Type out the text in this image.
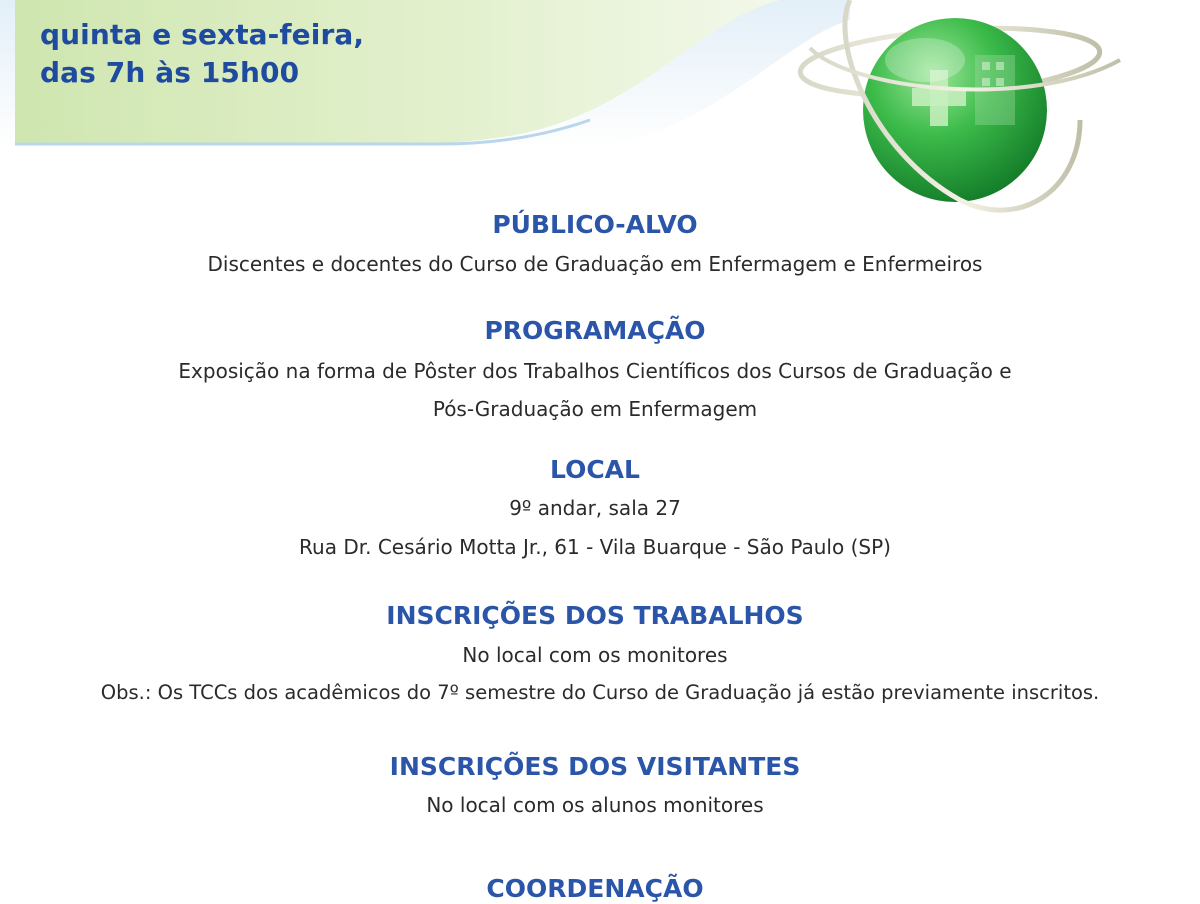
quinta e sexta-feira,
das 7h às 15h00
PÚBLICO-ALVO
Discentes e docentes do Curso de Graduação em Enfermagem e Enfermeiros
PROGRAMAÇÃO
Exposição na forma de Pôster dos Trabalhos Científicos dos Cursos de Graduação e
Pós-Graduação em Enfermagem
LOCAL
9º andar, sala 27
Rua Dr. Cesário Motta Jr., 61 - Vila Buarque - São Paulo (SP)
INSCRIÇÕES DOS TRABALHOS
No local com os monitores
Obs.: Os TCCs dos acadêmicos do 7º semestre do Curso de Graduação já estão previamente inscritos.
INSCRIÇÕES DOS VISITANTES
No local com os alunos monitores
COORDENAÇÃO
